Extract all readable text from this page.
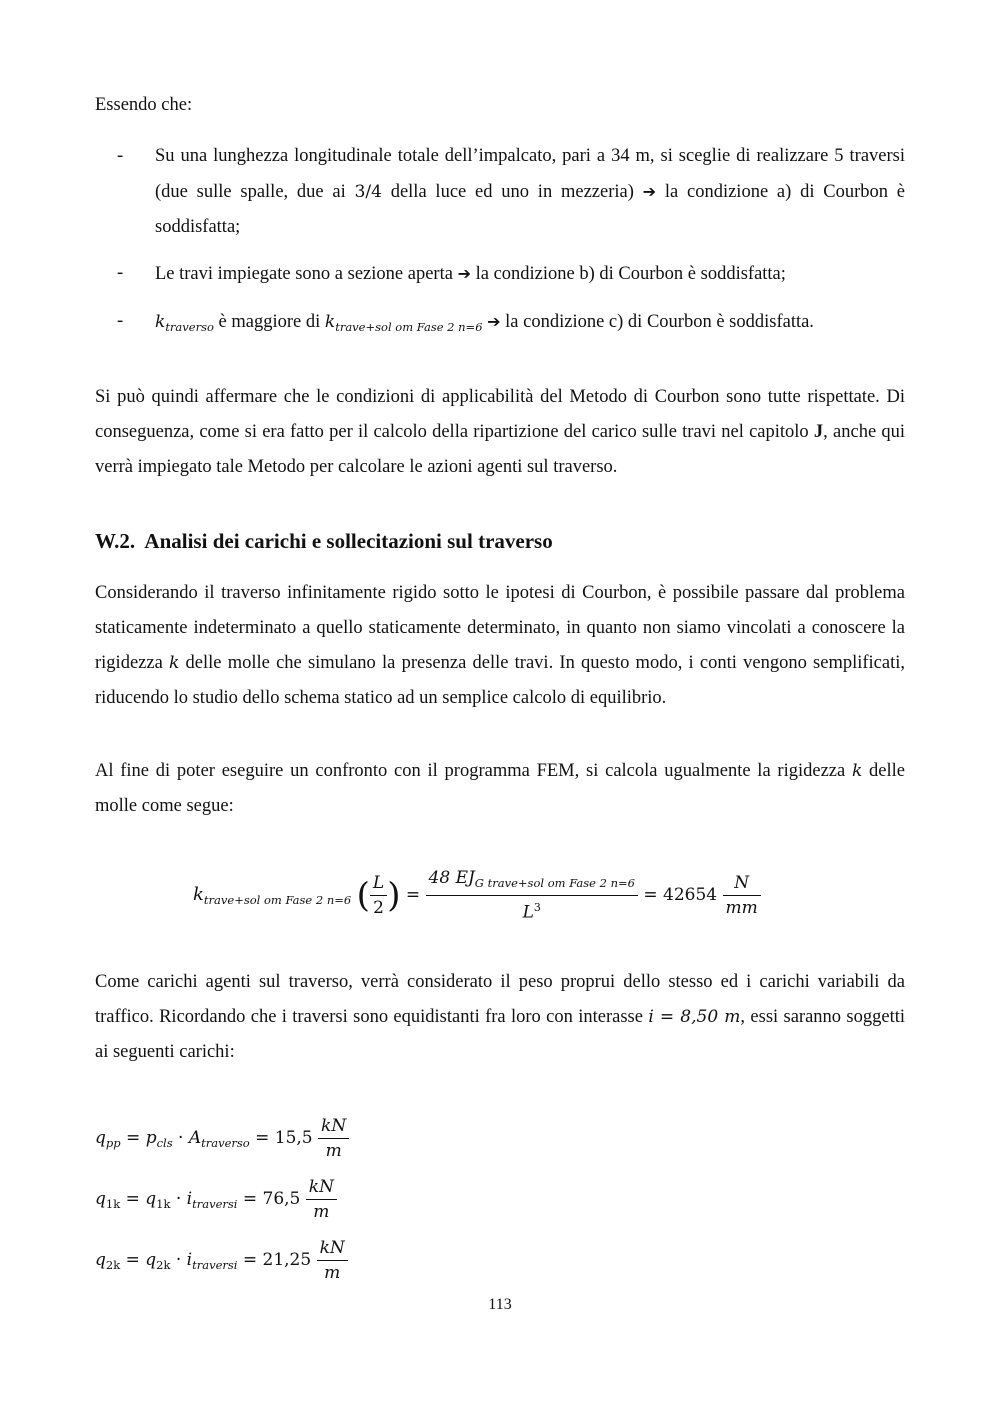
Essendo che:
- Su una lunghezza longitudinale totale dell’impalcato, pari a 34 m, si sceglie di realizzare 5 traversi (due sulle spalle, due ai 3/4 della luce ed uno in mezzeria) ➔ la condizione a) di Courbon è soddisfatta;
- Le travi impiegate sono a sezione aperta ➔ la condizione b) di Courbon è soddisfatta;
- $k_{traverso}$ è maggiore di $k_{trave+sol om Fase 2 n=6}$ ➔ la condizione c) di Courbon è soddisfatta.
Si può quindi affermare che le condizioni di applicabilità del Metodo di Courbon sono tutte rispettate. Di conseguenza, come si era fatto per il calcolo della ripartizione del carico sulle travi nel capitolo J, anche qui verrà impiegato tale Metodo per calcolare le azioni agenti sul traverso.
W.2. Analisi dei carichi e sollecitazioni sul traverso
Considerando il traverso infinitamente rigido sotto le ipotesi di Courbon, è possibile passare dal problema staticamente indeterminato a quello staticamente determinato, in quanto non siamo vincolati a conoscere la rigidezza k delle molle che simulano la presenza delle travi. In questo modo, i conti vengono semplificati, riducendo lo studio dello schema statico ad un semplice calcolo di equilibrio.
Al fine di poter eseguire un confronto con il programma FEM, si calcola ugualmente la rigidezza k delle molle come segue:
$k_{trave+sol om Fase 2 n=6}$ ( $\frac{L}{2}$ ) = $\frac{48 EJ_{G trave+sol om Fase 2 n=6}}{L^3} = 42654 \frac{N}{mm}$
Come carichi agenti sul traverso, verrà considerato il peso proprui dello stesso ed i carichi variabili da traffico. Ricordando che i traversi sono equidistanti fra loro con interasse i = 8,50 m, essi saranno soggetti ai seguenti carichi:
$q_{pp} = p_{cls} \cdot A_{traverso} = 15,5 \frac{kN}{m}$
$q_{1k} = q_{1k} \cdot i_{traversi} = 76,5 \frac{kN}{m}$
$q_{2k} = q_{2k} \cdot i_{traversi} = 21,25 \frac{kN}{m}$
113
